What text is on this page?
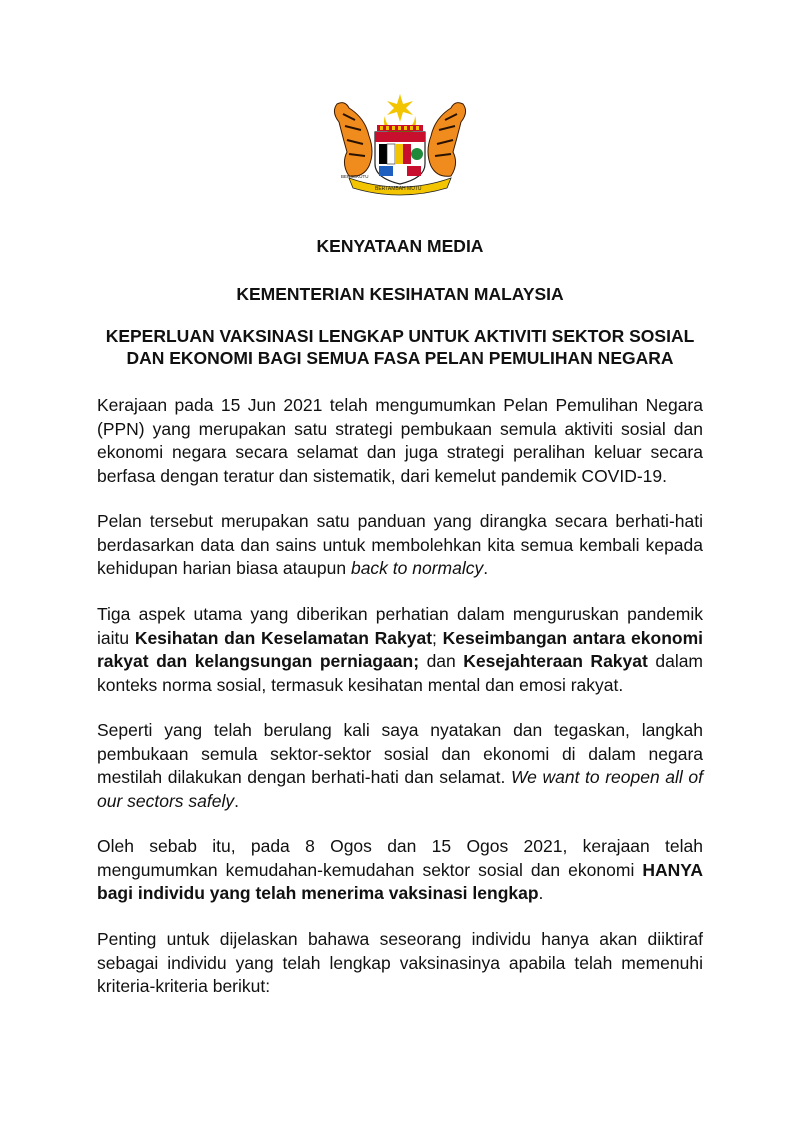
BERTAMBAH MUTU
BERSEKUTU

KENYATAAN MEDIA

KEMENTERIAN KESIHATAN MALAYSIA

KEPERLUAN VAKSINASI LENGKAP UNTUK AKTIVITI SEKTOR SOSIAL
DAN EKONOMI BAGI SEMUA FASA PELAN PEMULIHAN NEGARA

Kerajaan pada 15 Jun 2021 telah mengumumkan Pelan Pemulihan Negara (PPN) yang merupakan satu strategi pembukaan semula aktiviti sosial dan ekonomi negara secara selamat dan juga strategi peralihan keluar secara berfasa dengan teratur dan sistematik, dari kemelut pandemik COVID-19.

Pelan tersebut merupakan satu panduan yang dirangka secara berhati-hati berdasarkan data dan sains untuk membolehkan kita semua kembali kepada kehidupan harian biasa ataupun back to normalcy.

Tiga aspek utama yang diberikan perhatian dalam menguruskan pandemik iaitu Kesihatan dan Keselamatan Rakyat; Keseimbangan antara ekonomi rakyat dan kelangsungan perniagaan; dan Kesejahteraan Rakyat dalam konteks norma sosial, termasuk kesihatan mental dan emosi rakyat.

Seperti yang telah berulang kali saya nyatakan dan tegaskan, langkah pembukaan semula sektor-sektor sosial dan ekonomi di dalam negara mestilah dilakukan dengan berhati-hati dan selamat. We want to reopen all of our sectors safely.

Oleh sebab itu, pada 8 Ogos dan 15 Ogos 2021, kerajaan telah mengumumkan kemudahan-kemudahan sektor sosial dan ekonomi HANYA bagi individu yang telah menerima vaksinasi lengkap.

Penting untuk dijelaskan bahawa seseorang individu hanya akan diiktiraf sebagai individu yang telah lengkap vaksinasinya apabila telah memenuhi kriteria-kriteria berikut:
